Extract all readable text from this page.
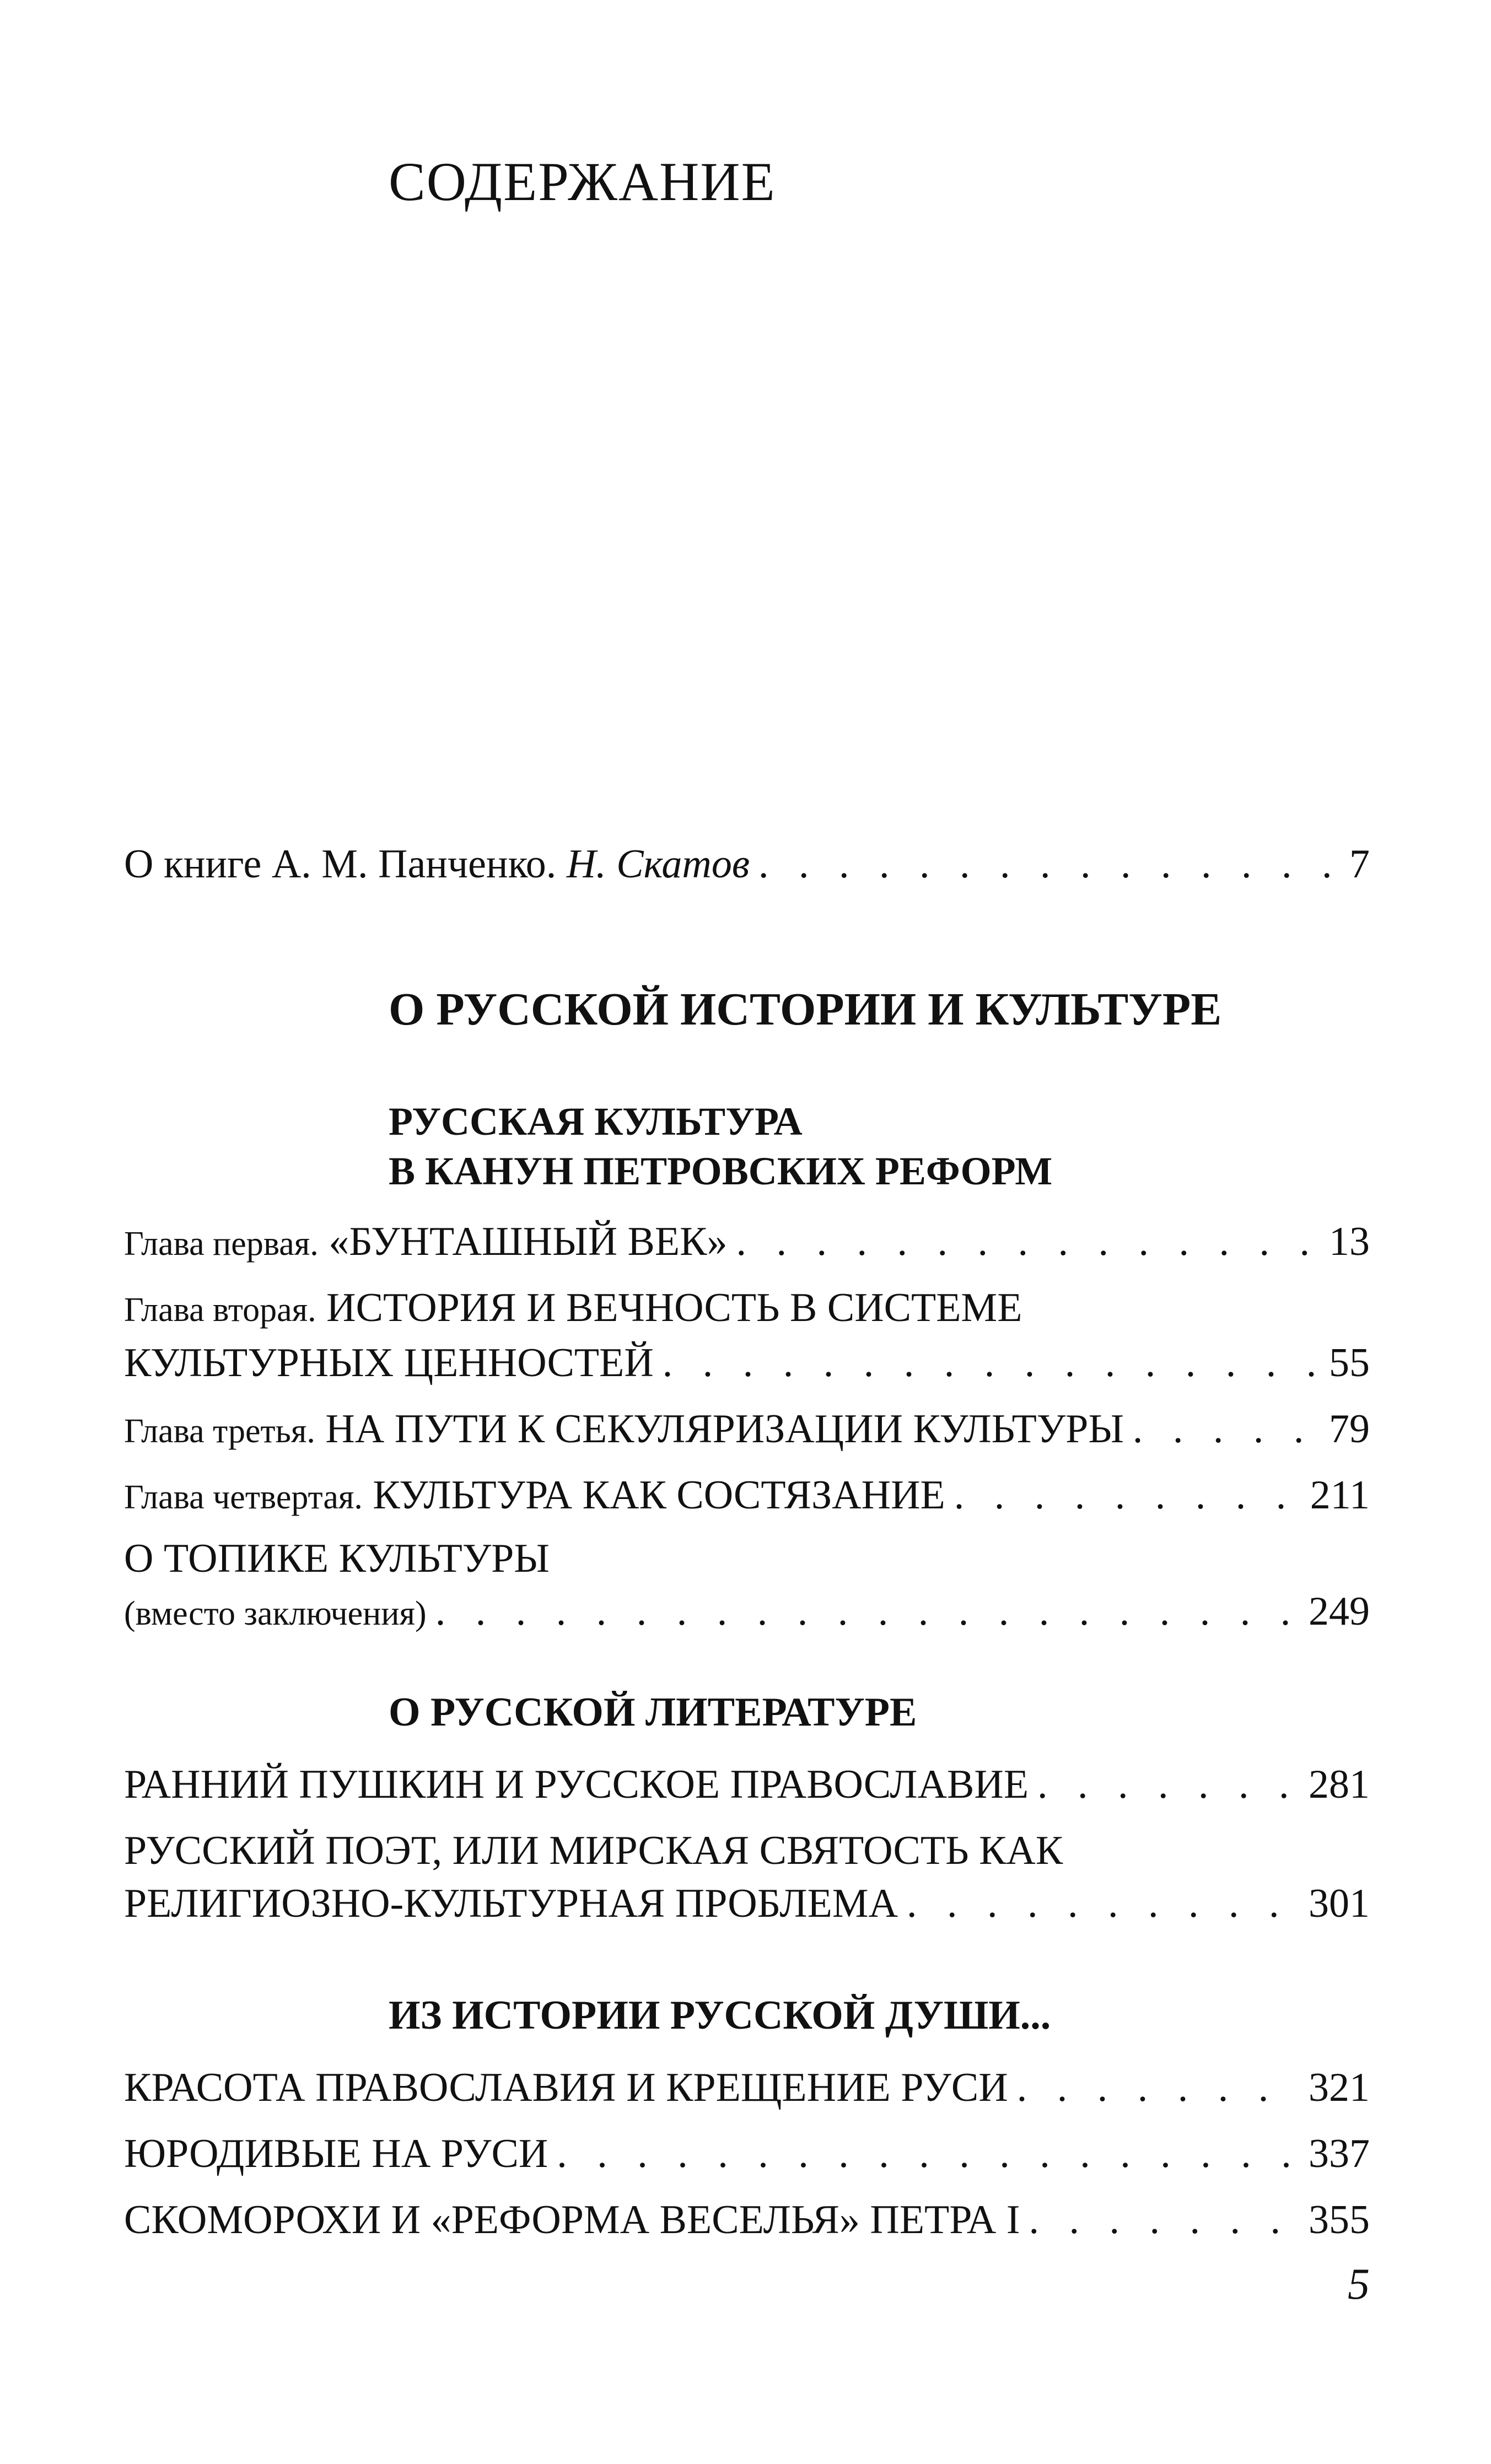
СОДЕРЖАНИЕ
О книге А. М. Панченко. Н. Скатов . . .	7
О РУССКОЙ ИСТОРИИ И КУЛЬТУРЕ
РУССКАЯ КУЛЬТУРА
В КАНУН ПЕТРОВСКИХ РЕФОРМ
Глава первая. «БУНТАШНЫЙ ВЕК» . . .	13
Глава вторая. ИСТОРИЯ И ВЕЧНОСТЬ В СИСТЕМЕ
КУЛЬТУРНЫХ ЦЕННОСТЕЙ . . .	55
Глава третья. НА ПУТИ К СЕКУЛЯРИЗАЦИИ КУЛЬТУРЫ . . .	79
Глава четвертая. КУЛЬТУРА КАК СОСТЯЗАНИЕ . . .	211
О ТОПИКЕ КУЛЬТУРЫ
(вместо заключения) . . .	249
О РУССКОЙ ЛИТЕРАТУРЕ
РАННИЙ ПУШКИН И РУССКОЕ ПРАВОСЛАВИЕ . . .	281
РУССКИЙ ПОЭТ, ИЛИ МИРСКАЯ СВЯТОСТЬ КАК
РЕЛИГИОЗНО-КУЛЬТУРНАЯ ПРОБЛЕМА . . .	301
ИЗ ИСТОРИИ РУССКОЙ ДУШИ...
КРАСОТА ПРАВОСЛАВИЯ И КРЕЩЕНИЕ РУСИ . . .	321
ЮРОДИВЫЕ НА РУСИ . . .	337
СКОМОРОХИ И «РЕФОРМА ВЕСЕЛЬЯ» ПЕТРА I . . .	355
5
